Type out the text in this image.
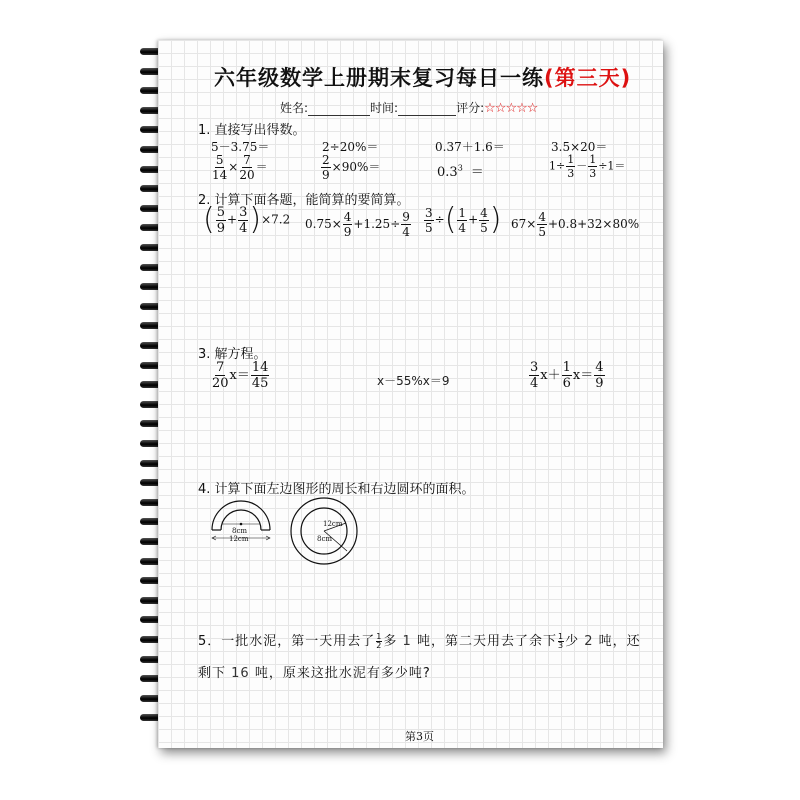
六年级数学上册期末复习每日一练(第三天)
姓名:	时间:	评分:☆☆☆☆☆
1. 直接写出得数。
5－3.75＝	2÷20%＝	0.37＋1.6＝	3.5×20＝
$\frac{5}{14} \times \frac{7}{20}$ ＝	$\frac{2}{9} \times 90\%=$	$0.3^3$ ＝	$1\div \frac{1}{3} - \frac{1}{3} \div 1=$
2. 计算下面各题，能简算的要简算。
( $\frac{5}{9} + \frac{3}{4} )\times 7.2$ $0.75\times \frac{4}{9} +1.25\div \frac{9}{4} \frac{3}{5}$ ÷( $\frac{1}{4} + \frac{4}{5}$ ) $67\times \frac{4}{5} +0.8+32\times 80\%$
3. 解方程。
$\frac{7}{20} x= \frac{14}{45}$	x－55%x＝9	$\frac{3}{4} x+ \frac{1}{6} x= \frac{4}{9}$
4. 计算下面左边图形的周长和右边圆环的面积。
8cm
12cm
12cm
8cm
5．一批水泥，第一天用去了 $\frac{1}{2}$ 多 1 吨，第二天用去了余下 $\frac{1}{3}$ 少 2 吨，还
剩下 16 吨，原来这批水泥有多少吨?
第3页
